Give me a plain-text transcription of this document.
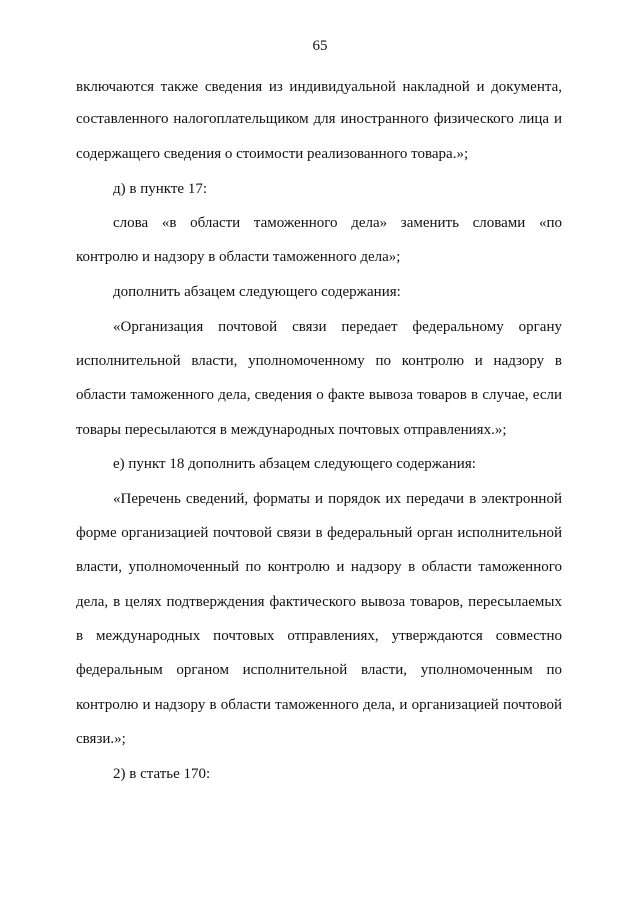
65
включаются также сведения из индивидуальной накладной и документа,
составленного налогоплательщиком для иностранного физического лица и
содержащего сведения о стоимости реализованного товара.»;
д) в пункте 17:
слова «в области таможенного дела» заменить словами «по
контролю и надзору в области таможенного дела»;
дополнить абзацем следующего содержания:
«Организация почтовой связи передает федеральному органу
исполнительной власти, уполномоченному по контролю и надзору в
области таможенного дела, сведения о факте вывоза товаров в случае, если
товары пересылаются в международных почтовых отправлениях.»;
е) пункт 18 дополнить абзацем следующего содержания:
«Перечень сведений, форматы и порядок их передачи в электронной
форме организацией почтовой связи в федеральный орган исполнительной
власти, уполномоченный по контролю и надзору в области таможенного
дела, в целях подтверждения фактического вывоза товаров, пересылаемых
в международных почтовых отправлениях, утверждаются совместно
федеральным органом исполнительной власти, уполномоченным по
контролю и надзору в области таможенного дела, и организацией почтовой
связи.»;
2) в статье 170:
